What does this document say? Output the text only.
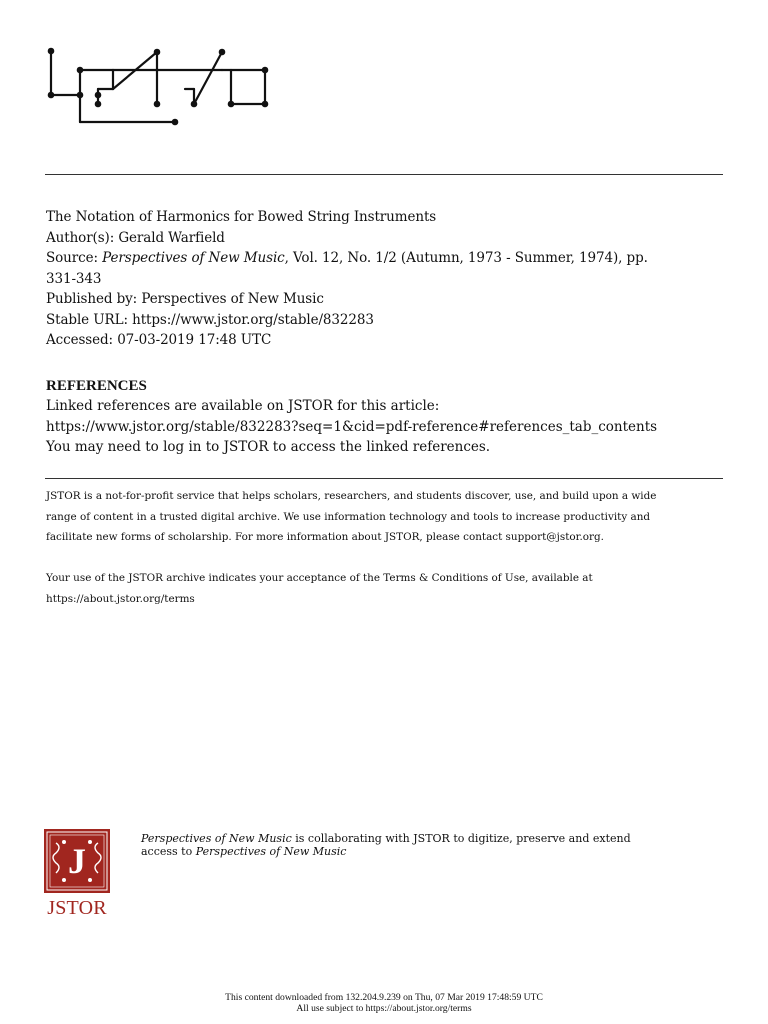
The Notation of Harmonics for Bowed String Instruments

Author(s): Gerald Warfield

Source: Perspectives of New Music, Vol. 12, No. 1/2 (Autumn, 1973 - Summer, 1974), pp.

331-343

Published by: Perspectives of New Music

Stable URL: https://www.jstor.org/stable/832283

Accessed: 07-03-2019 17:48 UTC

REFERENCES

Linked references are available on JSTOR for this article:

https://www.jstor.org/stable/832283?seq=1&cid=pdf-reference#references_tab_contents

You may need to log in to JSTOR to access the linked references.

JSTOR is a not-for-profit service that helps scholars, researchers, and students discover, use, and build upon a wide

range of content in a trusted digital archive. We use information technology and tools to increase productivity and

facilitate new forms of scholarship. For more information about JSTOR, please contact support@jstor.org.

Your use of the JSTOR archive indicates your acceptance of the Terms & Conditions of Use, available at

https://about.jstor.org/terms

J
JSTOR
Perspectives of New Music is collaborating with JSTOR to digitize, preserve and extend
access to Perspectives of New Music
This content downloaded from 132.204.9.239 on Thu, 07 Mar 2019 17:48:59 UTC
All use subject to https://about.jstor.org/terms
